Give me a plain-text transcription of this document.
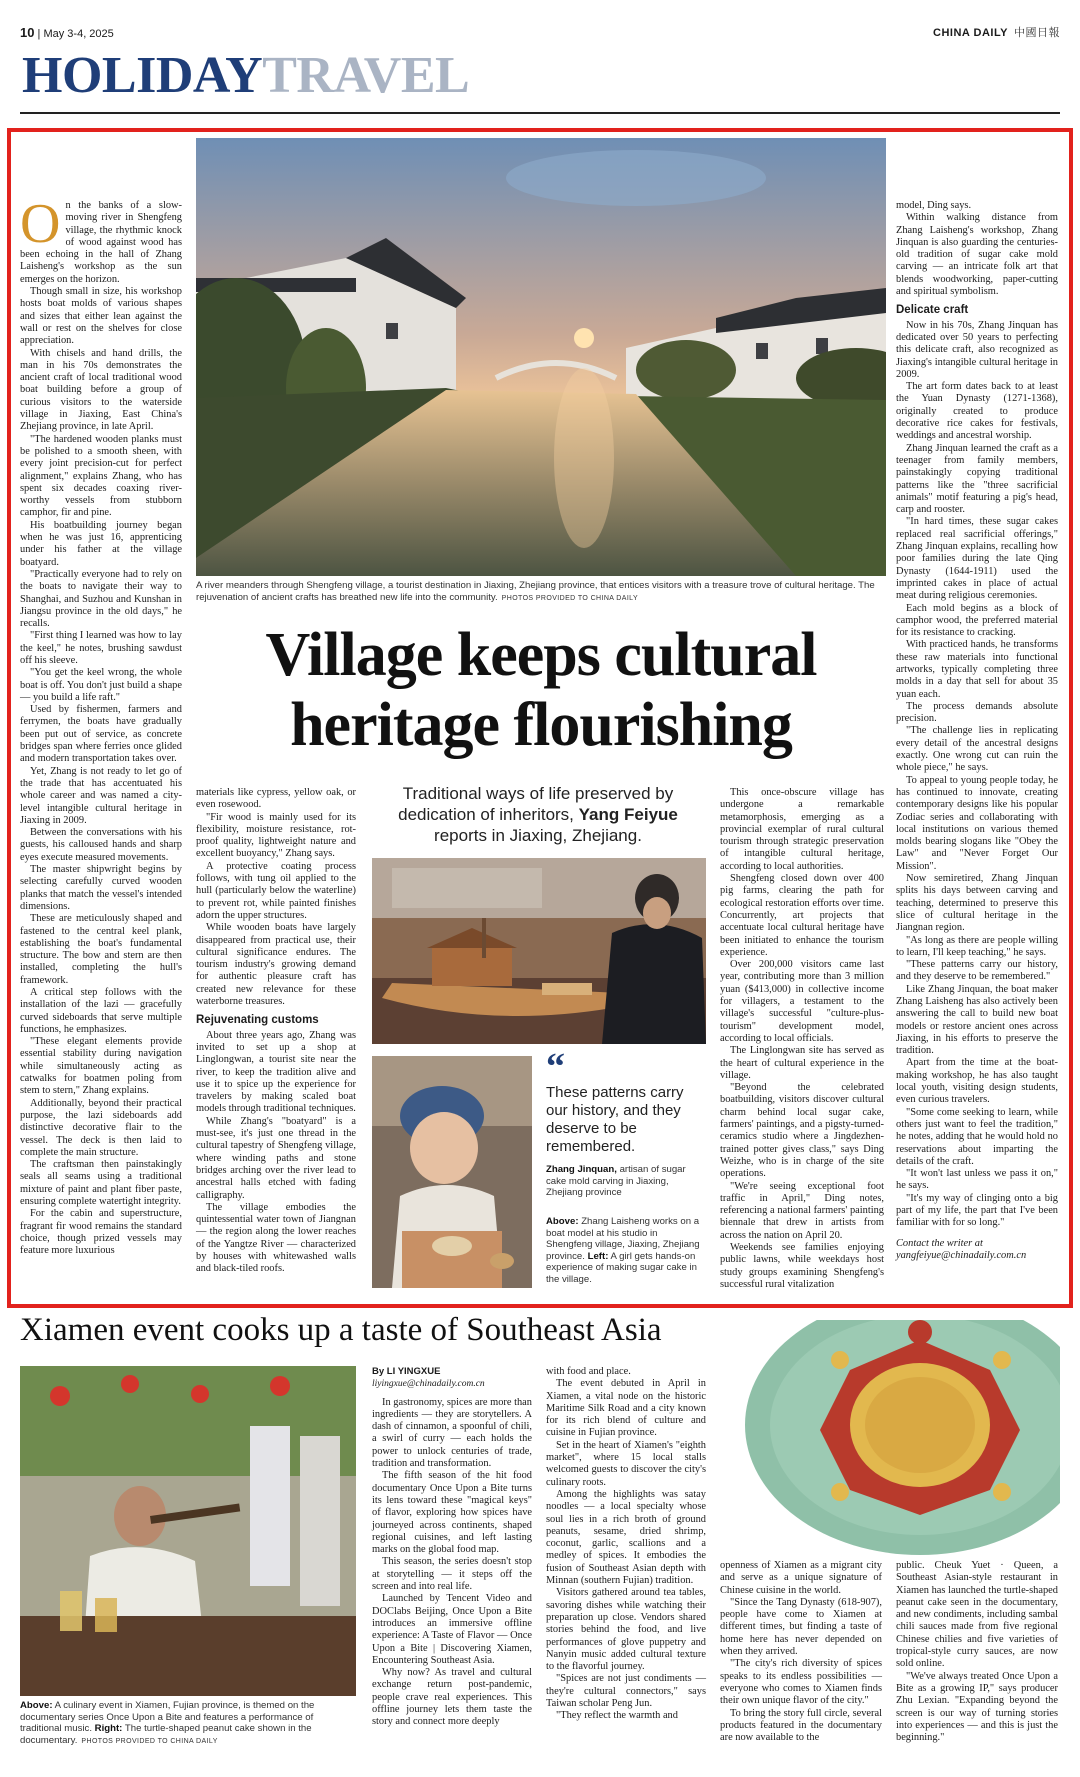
10 | May 3-4, 2025	CHINA DAILY 中國日報
HOLIDAYTRAVEL
A river meanders through Shengfeng village, a tourist destination in Jiaxing, Zhejiang province, that entices visitors with a treasure trove of cultural heritage. The rejuvenation of ancient crafts has breathed new life into the community. PHOTOS PROVIDED TO CHINA DAILY
Village keeps cultural heritage flourishing
Traditional ways of life preserved by dedication of inheritors, Yang Feiyue reports in Jiaxing, Zhejiang.

On the banks of a slow-moving river in Shengfeng village, the rhythmic knock of wood against wood has been echoing in the hall of Zhang Laisheng's workshop as the sun emerges on the horizon.

Though small in size, his workshop hosts boat molds of various shapes and sizes that either lean against the wall or rest on the shelves for close appreciation.

With chisels and hand drills, the man in his 70s demonstrates the ancient craft of local traditional wood boat building before a group of curious visitors to the waterside village in Jiaxing, East China's Zhejiang province, in late April.

"The hardened wooden planks must be polished to a smooth sheen, with every joint precision-cut for perfect alignment," explains Zhang, who has spent six decades coaxing river-worthy vessels from stubborn camphor, fir and pine.

His boatbuilding journey began when he was just 16, apprenticing under his father at the village boatyard.

"Practically everyone had to rely on the boats to navigate their way to Shanghai, and Suzhou and Kunshan in Jiangsu province in the old days," he recalls.

"First thing I learned was how to lay the keel," he notes, brushing sawdust off his sleeve.

"You get the keel wrong, the whole boat is off. You don't just build a shape — you build a life raft."

Used by fishermen, farmers and ferrymen, the boats have gradually been put out of service, as concrete bridges span where ferries once glided and modern transportation takes over.

Yet, Zhang is not ready to let go of the trade that has accentuated his whole career and was named a city-level intangible cultural heritage in Jiaxing in 2009.

Between the conversations with his guests, his calloused hands and sharp eyes execute measured movements.

The master shipwright begins by selecting carefully curved wooden planks that match the vessel's intended dimensions.

These are meticulously shaped and fastened to the central keel plank, establishing the boat's fundamental structure. The bow and stern are then installed, completing the hull's framework.

A critical step follows with the installation of the lazi — gracefully curved sideboards that serve multiple functions, he emphasizes.

"These elegant elements provide essential stability during navigation while simultaneously acting as catwalks for boatmen poling from stem to stern," Zhang explains.

Additionally, beyond their practical purpose, the lazi sideboards add distinctive decorative flair to the vessel. The deck is then laid to complete the main structure.

The craftsman then painstakingly seals all seams using a traditional mixture of paint and plant fiber paste, ensuring complete watertight integrity.

For the cabin and superstructure, fragrant fir wood remains the standard choice, though prized vessels may feature more luxurious

materials like cypress, yellow oak, or even rosewood.

"Fir wood is mainly used for its flexibility, moisture resistance, rot-proof quality, lightweight nature and excellent buoyancy," Zhang says.

A protective coating process follows, with tung oil applied to the hull (particularly below the waterline) to prevent rot, while painted finishes adorn the upper structures.

While wooden boats have largely disappeared from practical use, their cultural significance endures. The tourism industry's growing demand for authentic pleasure craft has created new relevance for these waterborne treasures.

Rejuvenating customs

About three years ago, Zhang was invited to set up a shop at Linglongwan, a tourist site near the river, to keep the tradition alive and use it to spice up the experience for travelers by making scaled boat models through traditional techniques.

While Zhang's "boatyard" is a must-see, it's just one thread in the cultural tapestry of Shengfeng village, where winding paths and stone bridges arching over the river lead to ancestral halls etched with fading calligraphy.

The village embodies the quintessential water town of Jiangnan — the region along the lower reaches of the Yangtze River — characterized by houses with whitewashed walls and black-tiled roofs.

“
These patterns carry our history, and they deserve to be remembered.
Zhang Jinquan, artisan of sugar cake mold carving in Jiaxing, Zhejiang province
Above: Zhang Laisheng works on a boat model at his studio in Shengfeng village, Jiaxing, Zhejiang province. Left: A girl gets hands-on experience of making sugar cake in the village.

This once-obscure village has undergone a remarkable metamorphosis, emerging as a provincial exemplar of rural cultural tourism through strategic preservation of intangible cultural heritage, according to local authorities.

Shengfeng closed down over 400 pig farms, clearing the path for ecological restoration efforts over time. Concurrently, art projects that accentuate local cultural heritage have been initiated to enhance the tourism experience.

Over 200,000 visitors came last year, contributing more than 3 million yuan ($413,000) in collective income for villagers, a testament to the village's successful "culture-plus-tourism" development model, according to local officials.

The Linglongwan site has served as the heart of cultural experience in the village.

"Beyond the celebrated boatbuilding, visitors discover cultural charm behind local sugar cake, farmers' paintings, and a pigsty-turned-ceramics studio where a Jingdezhen-trained potter gives class," says Ding Weizhe, who is in charge of the site operations.

"We're seeing exceptional foot traffic in April," Ding notes, referencing a national farmers' painting biennale that drew in artists from across the nation on April 20.

Weekends see families enjoying public lawns, while weekdays host study groups examining Shengfeng's successful rural vitalization

model, Ding says.

Within walking distance from Zhang Laisheng's workshop, Zhang Jinquan is also guarding the centuries-old tradition of sugar cake mold carving — an intricate folk art that blends woodworking, paper-cutting and spiritual symbolism.

Delicate craft

Now in his 70s, Zhang Jinquan has dedicated over 50 years to perfecting this delicate craft, also recognized as Jiaxing's intangible cultural heritage in 2009.

The art form dates back to at least the Yuan Dynasty (1271-1368), originally created to produce decorative rice cakes for festivals, weddings and ancestral worship.

Zhang Jinquan learned the craft as a teenager from family members, painstakingly copying traditional patterns like the "three sacrificial animals" motif featuring a pig's head, carp and rooster.

"In hard times, these sugar cakes replaced real sacrificial offerings," Zhang Jinquan explains, recalling how poor families during the late Qing Dynasty (1644-1911) used the imprinted cakes in place of actual meat during religious ceremonies.

Each mold begins as a block of camphor wood, the preferred material for its resistance to cracking.

With practiced hands, he transforms these raw materials into functional artworks, typically completing three molds in a day that sell for about 35 yuan each.

The process demands absolute precision.

"The challenge lies in replicating every detail of the ancestral designs exactly. One wrong cut can ruin the whole piece," he says.

To appeal to young people today, he has continued to innovate, creating contemporary designs like his popular Zodiac series and collaborating with local institutions on various themed molds bearing slogans like "Obey the Law" and "Never Forget Our Mission".

Now semiretired, Zhang Jinquan splits his days between carving and teaching, determined to preserve this slice of cultural heritage in the Jiangnan region.

"As long as there are people willing to learn, I'll keep teaching," he says.

"These patterns carry our history, and they deserve to be remembered."

Like Zhang Jinquan, the boat maker Zhang Laisheng has also actively been answering the call to build new boat models or restore ancient ones across Jiaxing, in his efforts to preserve the tradition.

Apart from the time at the boat-making workshop, he has also taught local youth, visiting design students, even curious travelers.

"Some come seeking to learn, while others just want to feel the tradition," he notes, adding that he would hold no reservations about imparting the details of the craft.

"It won't last unless we pass it on," he says.

"It's my way of clinging onto a big part of my life, the part that I've been familiar with for so long."

Contact the writer at
yangfeiyue@chinadaily.com.cn

Xiamen event cooks up a taste of Southeast Asia
Above: A culinary event in Xiamen, Fujian province, is themed on the documentary series Once Upon a Bite and features a performance of traditional music. Right: The turtle-shaped peanut cake shown in the documentary. PHOTOS PROVIDED TO CHINA DAILY

By LI YINGXUE

liyingxue@chinadaily.com.cn

In gastronomy, spices are more than ingredients — they are storytellers. A dash of cinnamon, a spoonful of chili, a swirl of curry — each holds the power to unlock centuries of trade, tradition and transformation.

The fifth season of the hit food documentary Once Upon a Bite turns its lens toward these "magical keys" of flavor, exploring how spices have journeyed across continents, shaped regional cuisines, and left lasting marks on the global food map.

This season, the series doesn't stop at storytelling — it steps off the screen and into real life.

Launched by Tencent Video and DOClabs Beijing, Once Upon a Bite introduces an immersive offline experience: A Taste of Flavor — Once Upon a Bite | Discovering Xiamen, Encountering Southeast Asia.

Why now? As travel and cultural exchange return post-pandemic, people crave real experiences. This offline journey lets them taste the story and connect more deeply

with food and place.

The event debuted in April in Xiamen, a vital node on the historic Maritime Silk Road and a city known for its rich blend of culture and cuisine in Fujian province.

Set in the heart of Xiamen's "eighth market", where 15 local stalls welcomed guests to discover the city's culinary roots.

Among the highlights was satay noodles — a local specialty whose soul lies in a rich broth of ground peanuts, sesame, dried shrimp, coconut, garlic, scallions and a medley of spices. It embodies the fusion of Southeast Asian depth with Minnan (southern Fujian) tradition.

Visitors gathered around tea tables, savoring dishes while watching their preparation up close. Vendors shared stories behind the food, and live performances of glove puppetry and Nanyin music added cultural texture to the flavorful journey.

"Spices are not just condiments — they're cultural connectors," says Taiwan scholar Peng Jun.

"They reflect the warmth and

openness of Xiamen as a migrant city and serve as a unique signature of Chinese cuisine in the world.

"Since the Tang Dynasty (618-907), people have come to Xiamen at different times, but finding a taste of home here has never depended on when they arrived.

"The city's rich diversity of spices speaks to its endless possibilities — everyone who comes to Xiamen finds their own unique flavor of the city."

To bring the story full circle, several products featured in the documentary are now available to the

public. Cheuk Yuet · Queen, a Southeast Asian-style restaurant in Xiamen has launched the turtle-shaped peanut cake seen in the documentary, and new condiments, including sambal chili sauces made from five regional Chinese chilies and five varieties of tropical-style curry sauces, are now sold online.

"We've always treated Once Upon a Bite as a growing IP," says producer Zhu Lexian. "Expanding beyond the screen is our way of turning stories into experiences — and this is just the beginning."
